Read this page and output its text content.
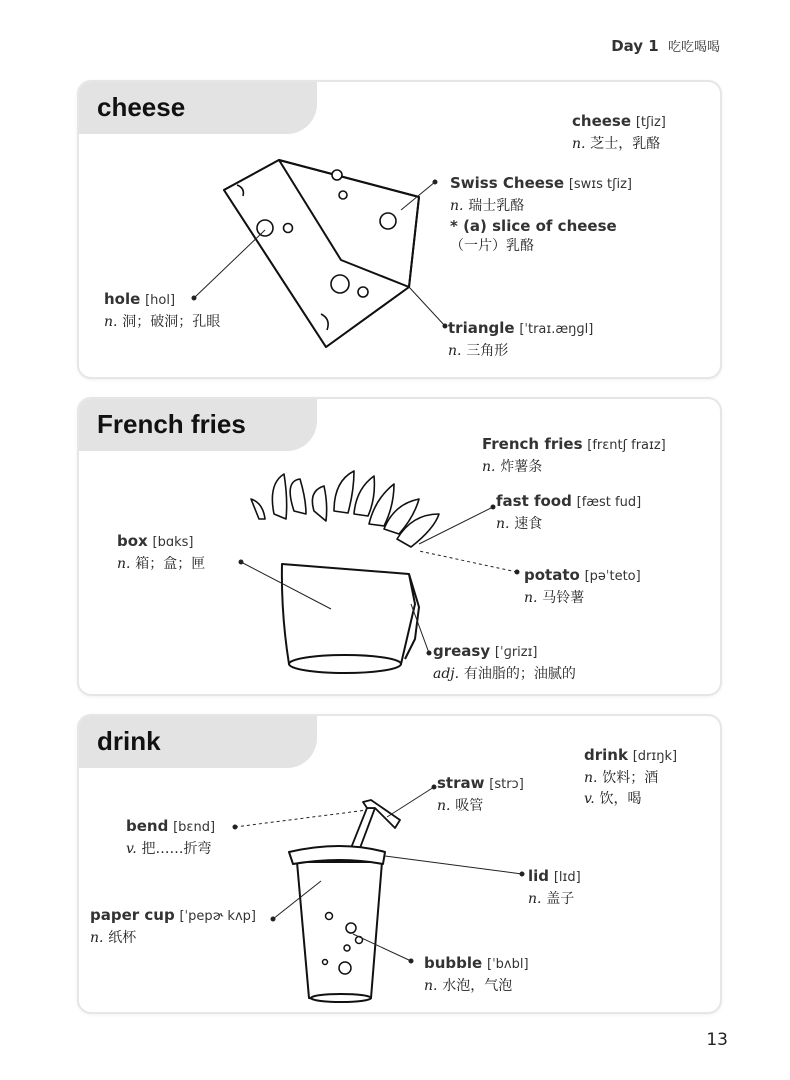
Day 1 吃吃喝喝
cheese	cheese [tʃiz]
n. 芝士，乳酪
Swiss Cheese [swɪs tʃiz]
n. 瑞士乳酪
* (a) slice of cheese
（一片）乳酪
hole [hol]
n. 洞；破洞；孔眼	triangle [ˈtraɪ.æŋɡl]
n. 三角形
French fries
French fries [frɛntʃ fraɪz]
n. 炸薯条
fast food [fæst fud]
n. 速食
box [bɑks]
n. 箱；盒；匣
potato [pəˈteto]
n. 马铃薯
greasy [ˈɡrizɪ]
adj. 有油脂的；油腻的
drink	drink [drɪŋk]
n. 饮料；酒
v. 饮，喝
straw [strɔ]
n. 吸管
bend [bɛnd]
v. 把……折弯
lid [lɪd]
n. 盖子
paper cup [ˈpepɚ kʌp]
n. 纸杯
bubble [ˈbʌbl]
n. 水泡，气泡
13
